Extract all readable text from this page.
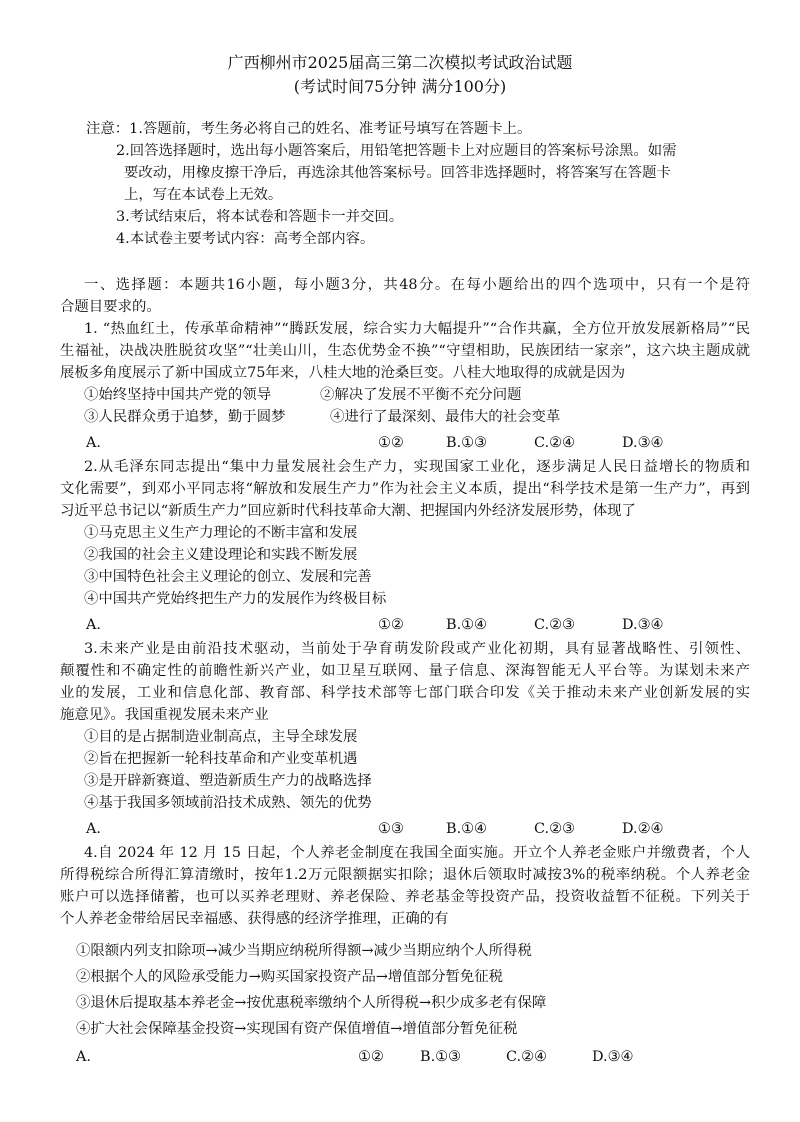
广西柳州市2025届高三第二次模拟考试政治试题
(考试时间75分钟 满分100分)
注意：1.答题前，考生务必将自己的姓名、准考证号填写在答题卡上。
2.回答选择题时，选出每小题答案后，用铅笔把答题卡上对应题目的答案标号涂黑。如需
要改动，用橡皮擦干净后，再选涂其他答案标号。回答非选择题时，将答案写在答题卡
上，写在本试卷上无效。
3.考试结束后，将本试卷和答题卡一并交回。
4.本试卷主要考试内容：高考全部内容。
一、选择题：本题共16小题，每小题3分，共48分。在每小题给出的四个选项中，只有一个是符
合题目要求的。
1. “热血红土，传承革命精神”“腾跃发展，综合实力大幅提升”“合作共赢，全方位开放发展新格局”“民
生福祉，决战决胜脱贫攻坚”“壮美山川，生态优势金不换”“守望相助，民族团结一家亲”，这六块主题成就
展板多角度展示了新中国成立75年来，八桂大地的沧桑巨变。八桂大地取得的成就是因为
①始终坚持中国共产党的领导	②解决了发展不平衡不充分问题
③人民群众勇于追梦，勤于圆梦	④进行了最深刻、最伟大的社会变革
A.	①②	B.①③	C.②④	D.③④
2.从毛泽东同志提出“集中力量发展社会生产力，实现国家工业化，逐步满足人民日益增长的物质和
文化需要”，到邓小平同志将“解放和发展生产力”作为社会主义本质，提出“科学技术是第一生产力”，再到
习近平总书记以“新质生产力”回应新时代科技革命大潮、把握国内外经济发展形势，体现了
①马克思主义生产力理论的不断丰富和发展
②我国的社会主义建设理论和实践不断发展
③中国特色社会主义理论的创立、发展和完善
④中国共产党始终把生产力的发展作为终极目标
A.	①②	B.①④	C.②③	D.③④
3.未来产业是由前沿技术驱动，当前处于孕育萌发阶段或产业化初期，具有显著战略性、引领性、
颠覆性和不确定性的前瞻性新兴产业，如卫星互联网、量子信息、深海智能无人平台等。为谋划未来产
业的发展，工业和信息化部、教育部、科学技术部等七部门联合印发《关于推动未来产业创新发展的实
施意见》。我国重视发展未来产业
①目的是占据制造业制高点，主导全球发展
②旨在把握新一轮科技革命和产业变革机遇
③是开辟新赛道、塑造新质生产力的战略选择
④基于我国多领域前沿技术成熟、领先的优势
A.	①③	B.①④	C.②③	D.②④
4.自 2024 年 12 月 15 日起，个人养老金制度在我国全面实施。开立个人养老金账户并缴费者，个人
所得税综合所得汇算清缴时，按年1.2万元限额据实扣除；退休后领取时减按3%的税率纳税。个人养老金
账户可以选择储蓄，也可以买养老理财、养老保险、养老基金等投资产品，投资收益暂不征税。下列关于
个人养老金带给居民幸福感、获得感的经济学推理，正确的有
①限额内列支扣除项→减少当期应纳税所得额→减少当期应纳个人所得税
②根据个人的风险承受能力→购买国家投资产品→增值部分暂免征税
③退休后提取基本养老金→按优惠税率缴纳个人所得税→积少成多老有保障
④扩大社会保障基金投资→实现国有资产保值增值→增值部分暂免征税
A.	①②	B.①③	C.②④	D.③④
